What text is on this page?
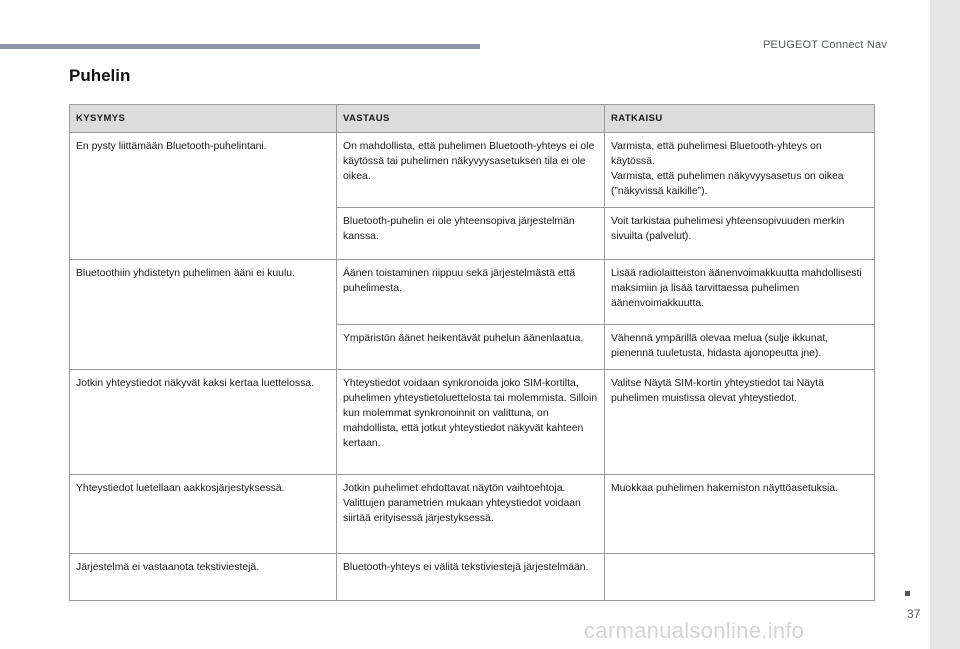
PEUGEOT Connect Nav
Puhelin
KYSYMYS	VASTAUS	RATKAISU
En pysty liittämään Bluetooth-puhelintani.	On mahdollista, että puhelimen Bluetooth-yhteys ei ole käytössä tai puhelimen näkyvyysasetuksen tila ei ole oikea.	Varmista, että puhelimesi Bluetooth-yhteys on käytössä.
Varmista, että puhelimen näkyvyysasetus on oikea (”näkyvissä kaikille”).
	Bluetooth-puhelin ei ole yhteensopiva järjestelmän kanssa.	Voit tarkistaa puhelimesi yhteensopivuuden merkin sivuilta (palvelut).
Bluetoothiin yhdistetyn puhelimen ääni ei kuulu.	Äänen toistaminen riippuu sekä järjestelmästä että puhelimesta.	Lisää radiolaitteiston äänenvoimakkuutta mahdollisesti maksimiin ja lisää tarvittaessa puhelimen äänenvoimakkuutta.
	Ympäristön äänet heikentävät puhelun äänenlaatua.	Vähennä ympärillä olevaa melua (sulje ikkunat, pienennä tuuletusta, hidasta ajonopeutta jne).
Jotkin yhteystiedot näkyvät kaksi kertaa luettelossa.	Yhteystiedot voidaan synkronoida joko SIM-kortilta, puhelimen yhteystietoluettelosta tai molemmista. Silloin kun molemmat synkronoinnit on valittuna, on mahdollista, että jotkut yhteystiedot näkyvät kahteen kertaan.	Valitse Näytä SIM-kortin yhteystiedot tai Näytä puhelimen muistissa olevat yhteystiedot.
Yhteystiedot luetellaan aakkosjärjestyksessä.	Jotkin puhelimet ehdottavat näytön vaihtoehtoja. Valittujen parametrien mukaan yhteystiedot voidaan siirtää erityisessä järjestyksessä.	Muokkaa puhelimen hakemiston näyttöasetuksia.
Järjestelmä ei vastaanota tekstiviestejä.	Bluetooth-yhteys ei välitä tekstiviestejä järjestelmään.	
37
carmanualsonline.info
